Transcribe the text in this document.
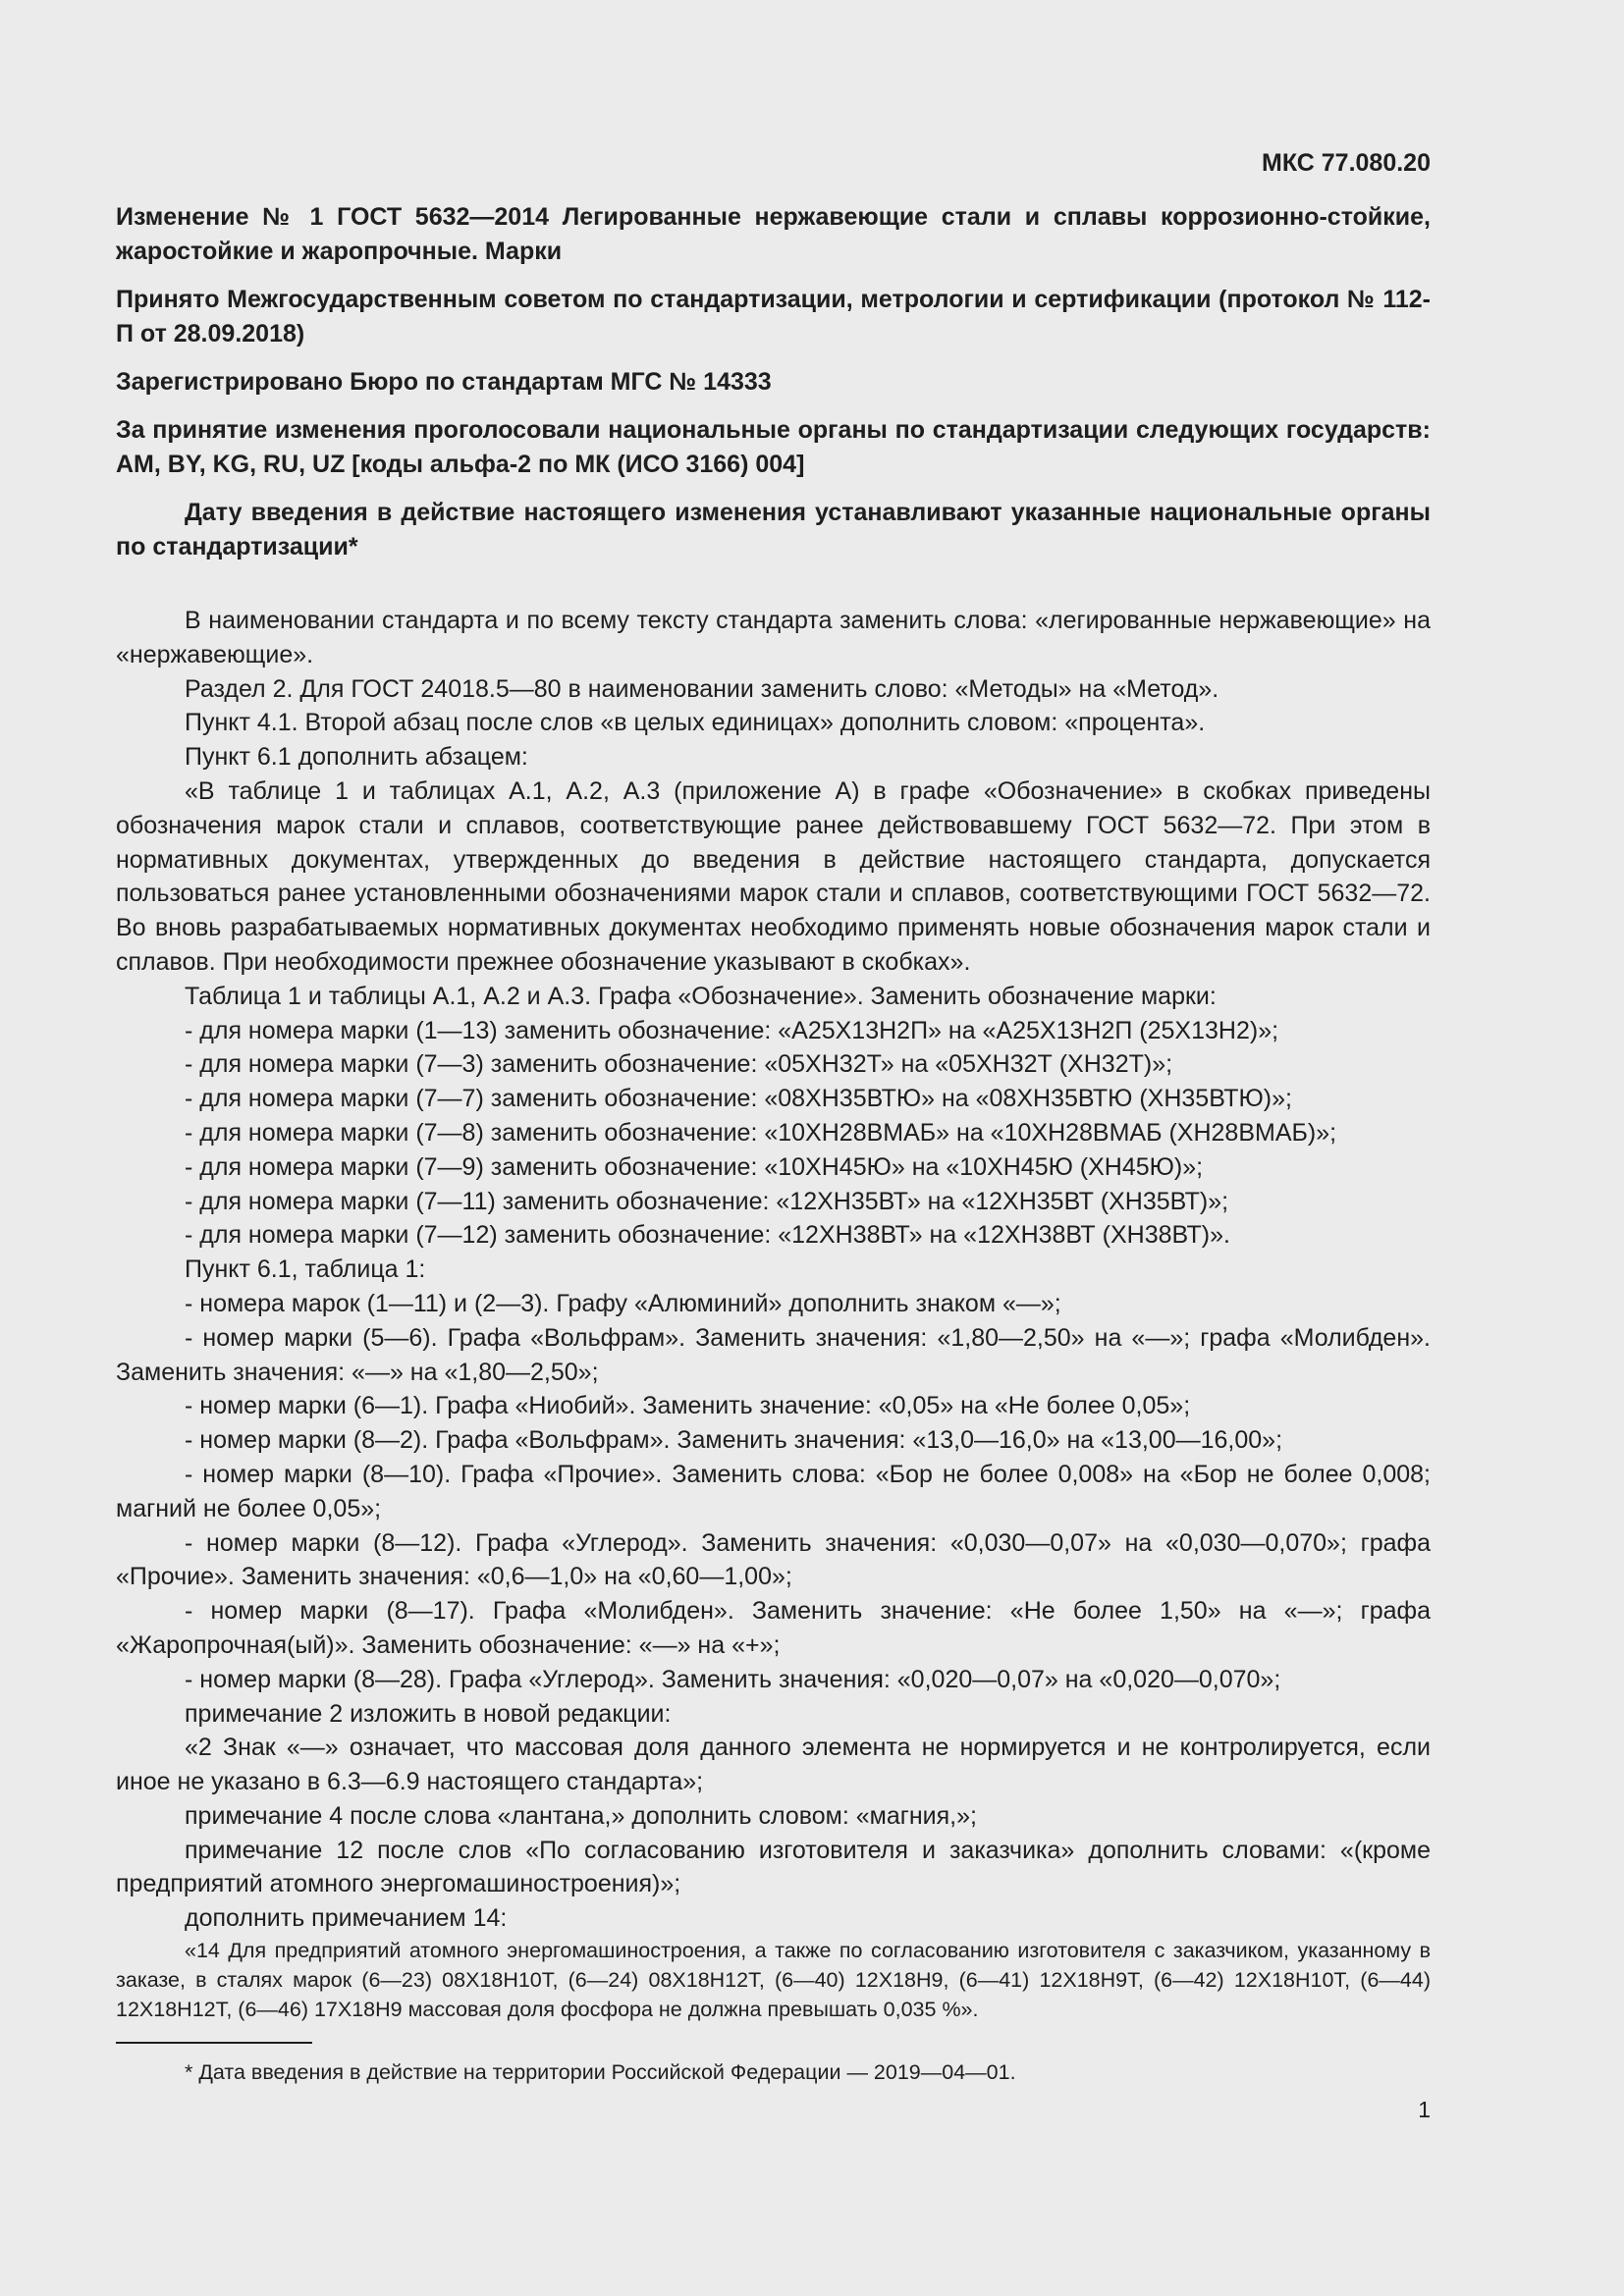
МКС 77.080.20

Изменение № 1 ГОСТ 5632—2014 Легированные нержавеющие стали и сплавы коррозионно-стойкие, жаростойкие и жаропрочные. Марки

Принято Межгосударственным советом по стандартизации, метрологии и сертификации (протокол № 112-П от 28.09.2018)

Зарегистрировано Бюро по стандартам МГС № 14333

За принятие изменения проголосовали национальные органы по стандартизации следующих государств: AM, BY, KG, RU, UZ [коды альфа-2 по МК (ИСО 3166) 004]

Дату введения в действие настоящего изменения устанавливают указанные национальные органы по стандартизации*

В наименовании стандарта и по всему тексту стандарта заменить слова: «легированные нержавеющие» на «нержавеющие».

Раздел 2. Для ГОСТ 24018.5—80 в наименовании заменить слово: «Методы» на «Метод».

Пункт 4.1. Второй абзац после слов «в целых единицах» дополнить словом: «процента».

Пункт 6.1 дополнить абзацем:

«В таблице 1 и таблицах А.1, А.2, А.3 (приложение А) в графе «Обозначение» в скобках приведены обозначения марок стали и сплавов, соответствующие ранее действовавшему ГОСТ 5632—72. При этом в нормативных документах, утвержденных до введения в действие настоящего стандарта, допускается пользоваться ранее установленными обозначениями марок стали и сплавов, соответствующими ГОСТ 5632—72. Во вновь разрабатываемых нормативных документах необходимо применять новые обозначения марок стали и сплавов. При необходимости прежнее обозначение указывают в скобках».

Таблица 1 и таблицы А.1, А.2 и А.3. Графа «Обозначение». Заменить обозначение марки:

- для номера марки (1—13) заменить обозначение: «А25Х13Н2П» на «А25Х13Н2П (25Х13Н2)»;

- для номера марки (7—3) заменить обозначение: «05ХН32Т» на «05ХН32Т (ХН32Т)»;

- для номера марки (7—7) заменить обозначение: «08ХН35ВТЮ» на «08ХН35ВТЮ (ХН35ВТЮ)»;

- для номера марки (7—8) заменить обозначение: «10ХН28ВМАБ» на «10ХН28ВМАБ (ХН28ВМАБ)»;

- для номера марки (7—9) заменить обозначение: «10ХН45Ю» на «10ХН45Ю (ХН45Ю)»;

- для номера марки (7—11) заменить обозначение: «12ХН35ВТ» на «12ХН35ВТ (ХН35ВТ)»;

- для номера марки (7—12) заменить обозначение: «12ХН38ВТ» на «12ХН38ВТ (ХН38ВТ)».

Пункт 6.1, таблица 1:

- номера марок (1—11) и (2—3). Графу «Алюминий» дополнить знаком «—»;

- номер марки (5—6). Графа «Вольфрам». Заменить значения: «1,80—2,50» на «—»; графа «Молибден». Заменить значения: «—» на «1,80—2,50»;

- номер марки (6—1). Графа «Ниобий». Заменить значение: «0,05» на «Не более 0,05»;

- номер марки (8—2). Графа «Вольфрам». Заменить значения: «13,0—16,0» на «13,00—16,00»;

- номер марки (8—10). Графа «Прочие». Заменить слова: «Бор не более 0,008» на «Бор не более 0,008; магний не более 0,05»;

- номер марки (8—12). Графа «Углерод». Заменить значения: «0,030—0,07» на «0,030—0,070»; графа «Прочие». Заменить значения: «0,6—1,0» на «0,60—1,00»;

- номер марки (8—17). Графа «Молибден». Заменить значение: «Не более 1,50» на «—»; графа «Жаропрочная(ый)». Заменить обозначение: «—» на «+»;

- номер марки (8—28). Графа «Углерод». Заменить значения: «0,020—0,07» на «0,020—0,070»;

примечание 2 изложить в новой редакции:

«2 Знак «—» означает, что массовая доля данного элемента не нормируется и не контролируется, если иное не указано в 6.3—6.9 настоящего стандарта»;

примечание 4 после слова «лантана,» дополнить словом: «магния,»;

примечание 12 после слов «По согласованию изготовителя и заказчика» дополнить словами: «(кроме предприятий атомного энергомашиностроения)»;

дополнить примечанием 14:

«14 Для предприятий атомного энергомашиностроения, а также по согласованию изготовителя с заказчиком, указанному в заказе, в сталях марок (6—23) 08Х18Н10Т, (6—24) 08Х18Н12Т, (6—40) 12Х18Н9, (6—41) 12Х18Н9Т, (6—42) 12Х18Н10Т, (6—44) 12Х18Н12Т, (6—46) 17Х18Н9 массовая доля фосфора не должна превышать 0,035 %».

* Дата введения в действие на территории Российской Федерации — 2019—04—01.

1
